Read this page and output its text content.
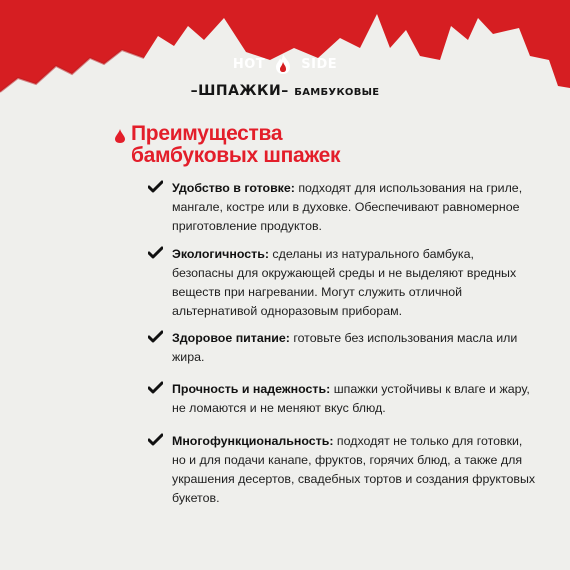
HOT	SIDE
–ШПАЖКИ– БАМБУКОВЫЕ
Преимущества
бамбуковых шпажек
Удобство в готовке: подходят для использования на гриле, мангале, костре или в духовке. Обеспечивают равномерное приготовление продуктов.
Экологичность: сделаны из натурального бамбука, безопасны для окружающей среды и не выделяют вредных веществ при нагревании. Могут служить отличной альтернативой одноразовым приборам.
Здоровое питание: готовьте без использования масла или жира.
Прочность и надежность: шпажки устойчивы к влаге и жару, не ломаются и не меняют вкус блюд.
Многофункциональность: подходят не только для готовки, но и для подачи канапе, фруктов, горячих блюд, а также для украшения десертов, свадебных тортов и создания фруктовых букетов.
